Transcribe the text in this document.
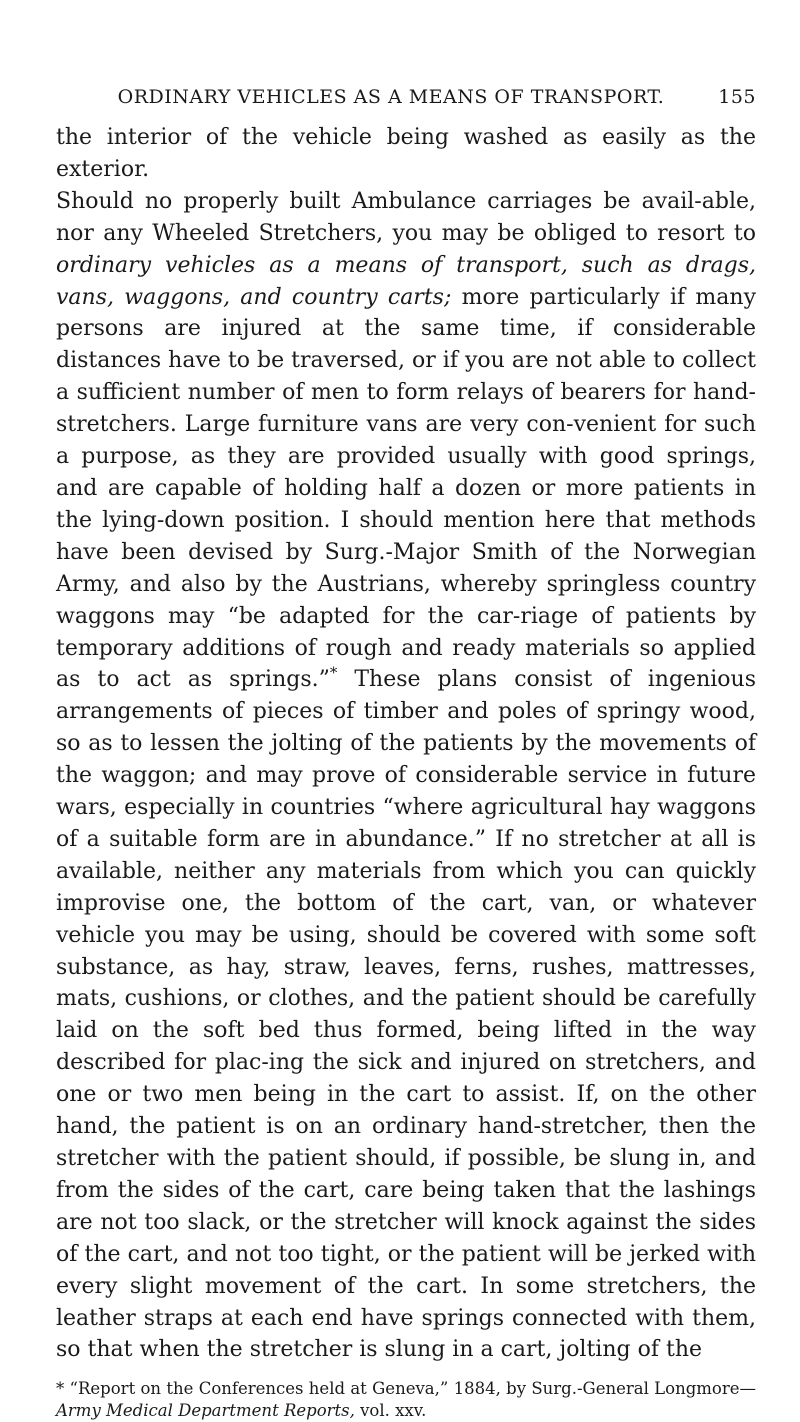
ORDINARY VEHICLES AS A MEANS OF TRANSPORT.	155

the interior of the vehicle being washed as easily as the exterior.

Should no properly built Ambulance carriages be avail-able, nor any Wheeled Stretchers, you may be obliged to resort to ordinary vehicles as a means of transport, such as drags, vans, waggons, and country carts; more particularly if many persons are injured at the same time, if considerable distances have to be traversed, or if you are not able to collect a sufficient number of men to form relays of bearers for hand-stretchers. Large furniture vans are very con-venient for such a purpose, as they are provided usually with good springs, and are capable of holding half a dozen or more patients in the lying-down position. I should mention here that methods have been devised by Surg.-Major Smith of the Norwegian Army, and also by the Austrians, whereby springless country waggons may “be adapted for the car-riage of patients by temporary additions of rough and ready materials so applied as to act as springs.”* These plans consist of ingenious arrangements of pieces of timber and poles of springy wood, so as to lessen the jolting of the patients by the movements of the waggon; and may prove of considerable service in future wars, especially in countries “where agricultural hay waggons of a suitable form are in abundance.” If no stretcher at all is available, neither any materials from which you can quickly improvise one, the bottom of the cart, van, or whatever vehicle you may be using, should be covered with some soft substance, as hay, straw, leaves, ferns, rushes, mattresses, mats, cushions, or clothes, and the patient should be carefully laid on the soft bed thus formed, being lifted in the way described for plac-ing the sick and injured on stretchers, and one or two men being in the cart to assist. If, on the other hand, the patient is on an ordinary hand-stretcher, then the stretcher with the patient should, if possible, be slung in, and from the sides of the cart, care being taken that the lashings are not too slack, or the stretcher will knock against the sides of the cart, and not too tight, or the patient will be jerked with every slight movement of the cart. In some stretchers, the leather straps at each end have springs connected with them, so that when the stretcher is slung in a cart, jolting of the

* “Report on the Conferences held at Geneva,” 1884, by Surg.-General Longmore—Army Medical Department Reports, vol. xxv.
